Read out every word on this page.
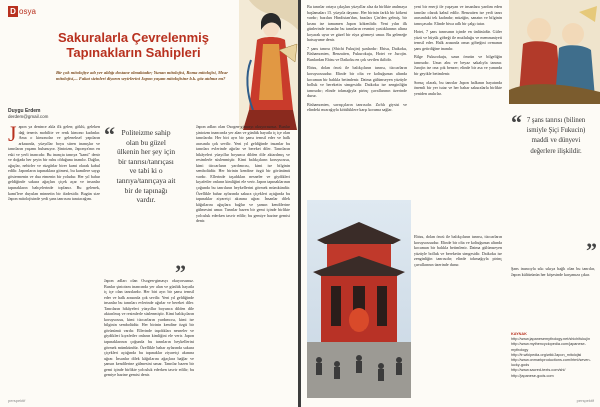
D osya
Sakuralarla Çevrelenmiş
Tapınakların Sahipleri
Bir çok mitolojiye adı yer aldığı dostane olmaktadır; Yunan mitolojisi, Roma mitolojisi, Mısır mitolojisi,... Fakat sizinleri diyarın seyirlerini Japon yaşam mitolojisine b.k. göz atılmız mı?
Duygu Erdem
derdem@gmail.com
J apon ya denince akla ilk gelen; göklü, geleken dağ teneris mobilite ve renk kimono kadınlar. Ama o kimonolar ve geleneksel yapıların arkasında, yüzyıllar boyu süren inanışlar ve tanrıların yaşamı bulunuyor. Şintoizm, Japonya'nın en eski ve yerli inancıdır. Bu inançta tanrıya "kami" denir ve doğada her şeyin bir ruhu olduğuna inanılır. Dağlar, ağaçlar, nehirler ve rüzgârlar birer kami olarak kabul edilir. Japonların tapınaklara gitmesi, bu kamilere saygı göstermenin ve dua etmenin bir yoludur. Her yıl bahar geldiğinde sakura ağaçları çiçek açar ve insanlar tapınakların bahçelerinde toplanır. Bu gelenek, kami'lere duyulan minnetin bir ifadesidir. Bugün size Japon mitolojisinde yedi şans tanrısını tanıtacağım.

“ Politeizme sahip olan bu güzel ülkenin her şey için bir tanrısı/tanrıçası ve tabi ki o tanrıya/tanrıçaya ait bir de tapınağı vardır.
”

Japon adları olan Osogen-gimasyı okuyorsunuz. Bunlar şintoizm inancında yer alan ve günlük hayatla iç içe olan tanrılardır. Her biri ayrı bir şansı temsil eder ve halk arasında çok sevilir. Yeni yıl geldiğinde insanlar bu tanrıları evlerinde ağırlar ve bereket diler. Tanrıların hikâyeleri yüzyıllar boyunca dilden dile aktarılmış ve resimlerle süslenmiştir. Kimi balıkçıların koruyucusu, kimi tüccarların yardımcısı, kimi ise bilginin sembolüdür. Her birinin kendine özgü bir görünümü vardır. Ellerinde taşıdıkları nesneler ve giydikleri kıyafetler onların kimliğini ele verir. Japon tapınaklarının çoğunda bu tanrıların heykellerini görmek mümkündür. Özellikle bahar aylarında sakura çiçekleri açtığında bu tapınaklar ziyaretçi akınına uğrar. İnsanlar dilek kâğıtlarını ağaçlara bağlar ve şansın kendilerine gülmesini umar. Tanrılar bazen bir gemi içinde birlikte yolculuk ederken tasvir edilir; bu gemiye hazine gemisi denir.

Japon adları olan Osogen-gimasyı okuyorsunuz. Bunlar şintoizm inancında yer alan ve günlük hayatla iç içe olan tanrılardır. Her biri ayrı bir şansı temsil eder ve halk arasında çok sevilir. Yeni yıl geldiğinde insanlar bu tanrıları evlerinde ağırlar ve bereket diler. Tanrıların hikâyeleri yüzyıllar boyunca dilden dile aktarılmış ve resimlerle süslenmiştir. Kimi balıkçıların koruyucusu, kimi tüccarların yardımcısı, kimi ise bilginin sembolüdür. Her birinin kendine özgü bir görünümü vardır. Ellerinde taşıdıkları nesneler ve giydikleri kıyafetler onların kimliğini ele verir. Japon tapınaklarının çoğunda bu tanrıların heykellerini görmek mümkündür. Özellikle bahar aylarında sakura çiçekleri açtığında bu tapınaklar ziyaretçi akınına uğrar. İnsanlar dilek kâğıtlarını ağaçlara bağlar ve şansın kendilerine gülmesini umar. Tanrılar bazen bir gemi içinde birlikte yolculuk ederken tasvir edilir; bu gemiye hazine gemisi denir.

perspektif

Bu tanrılar ortaya çıkışları yüzyıllar alsa da birlikte anılmaya başlamaları 15. yüzyıla dayanır. Her birinin farklı bir kökeni vardır; bazıları Hindistan'dan, bazıları Çin'den gelmiş, bir kısmı ise tamamen Japon kökenlidir. Yeni yılın ilk günlerinde insanlar bu tanrıların resmini yastıklarının altına koyarak uyur ve güzel bir rüya görmeyi umar. Bu geleneğe hatsuyume denir.

7 şans tanrısı (Shichi Fukujin) şunlardır: Ebisu, Daikoku, Bishamonten, Benzaiten, Fukurokuju, Hotei ve Jurojin. Bunlardan Ebisu ve Daikoku en çok sevilen ikilidir.

Ebisu, dolan öncü ile balıkçıların tanrısı, tüccarların koruyucusudur. Elinde bir olta ve koltuğunun altında kocaman bir balıkla betimlenir. Daima gülümseyen yüzüyle bolluk ve bereketin simgesidir. Daikoku ise zenginliğin tanrısıdır; elinde tokmağıyla pirinç çuvallarının üzerinde durur.

Bishamonten, savaşçıların tanrısıdır. Zırhlı giysisi ve elindeki mızrağıyla kötülüklere karşı koruma sağlar.

yeni bir enerji ile yaşayan ve insanlara yardım eden tanrılar olarak kabul edilir. Benzaiten ise yedi tanrı arasındaki tek kadındır; müziğin, sanatın ve bilginin tanrıçasıdır. Elinde biwa adlı bir çalgı tutar.

Hotei, 7 şans tanrısının içinde en ünlüsüdür. Güler yüzü ve büyük göbeği ile mutluluğu ve memnuniyeti temsil eder. Halk arasında onun göbeğini ovmanın şans getirdiğine inanılır.

Bilge Fukurokuju, uzun ömrün ve bilgeliğin tanrısıdır. Uzun alnı ve beyaz sakalıyla tanınır. Jurojin ise ona çok benzer; elinde bir asa ve yanında bir geyikle betimlenir.

Sonuç olarak, bu tanrılar Japon halkının hayatında önemli bir yer tutar ve her bahar sakuralarla birlikte yeniden anılırlar.

“ 7 şans tanrısı (bilinen ismiyle Şiçi Fukucin) maddi ve dünyevi değerlere ilişkildir.
”

Ebisu, dolan öncü ile balıkçıların tanrısı, tüccarların koruyucusudur. Elinde bir olta ve koltuğunun altında kocaman bir balıkla betimlenir. Daima gülümseyen yüzüyle bolluk ve bereketin simgesidir. Daikoku ise zenginliğin tanrısıdır; elinde tokmağıyla pirinç çuvallarının üzerinde durur.

Şans inancıyla sıkı sıkıya bağlı olan bu tanrılar, Japon kültürünün her köşesinde karşımıza çıkar.

KAYNAK
http://www.japanesemythology.net/shichifukujin
http://www.mythencyclopedia.com/japanese-mythology
http://tr.wikipedia.org/wiki/Japon_mitolojisi
http://www.onmarkproductions.com/html/seven-lucky-gods
http://www.sacred-texts.com/shi/
http://japanese-gods.com
perspektif
